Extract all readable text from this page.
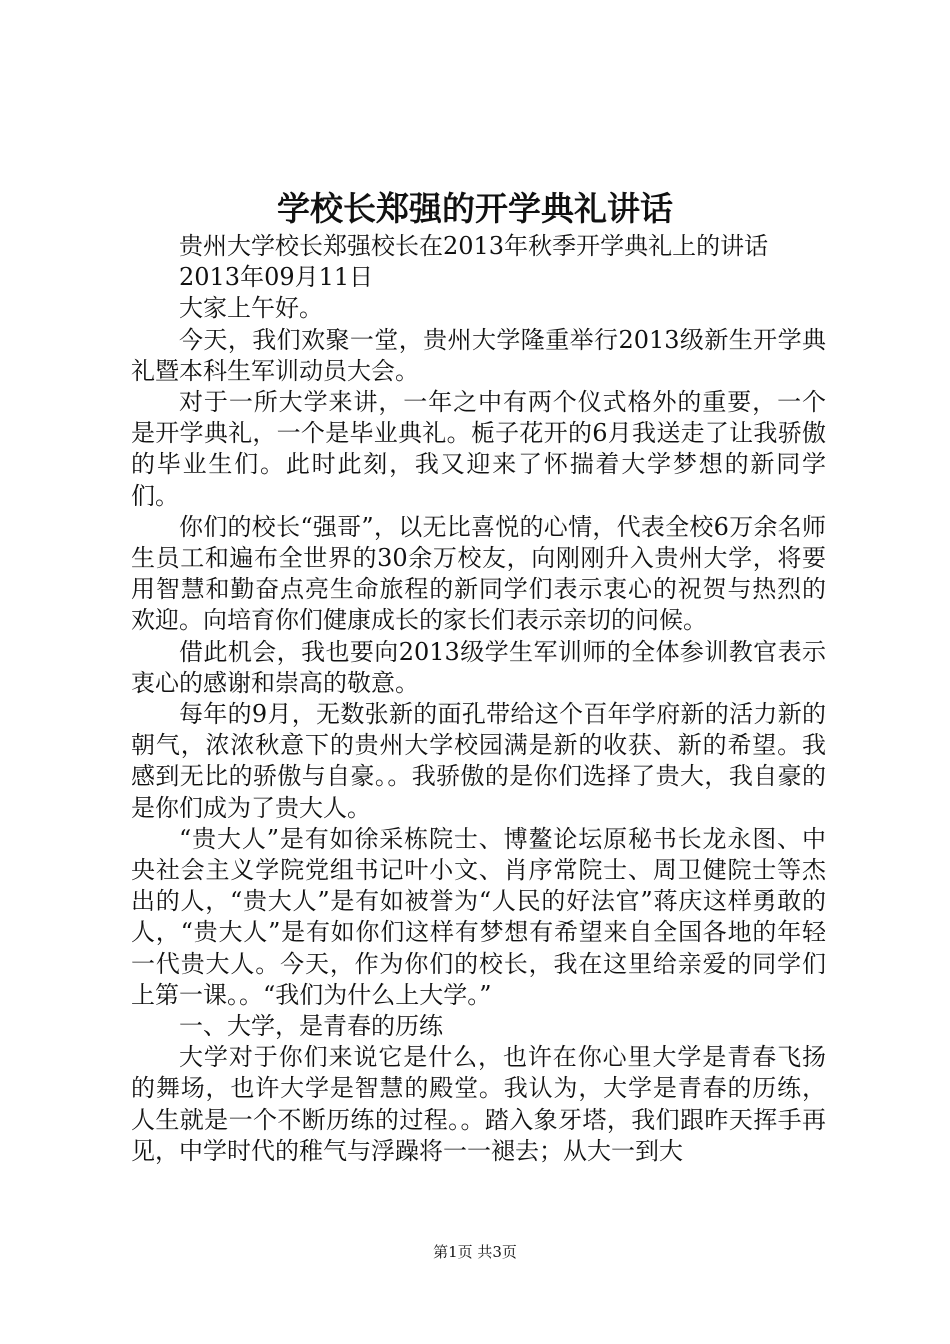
学校长郑强的开学典礼讲话

贵州大学校长郑强校长在2013年秋季开学典礼上的讲话

2013年09月11日

大家上午好。

今天，我们欢聚一堂，贵州大学隆重举行2013级新生开学典礼暨本科生军训动员大会。

对于一所大学来讲，一年之中有两个仪式格外的重要，一个是开学典礼，一个是毕业典礼。栀子花开的6月我送走了让我骄傲的毕业生们。此时此刻，我又迎来了怀揣着大学梦想的新同学们。

你们的校长“强哥”，以无比喜悦的心情，代表全校6万余名师生员工和遍布全世界的30余万校友，向刚刚升入贵州大学，将要用智慧和勤奋点亮生命旅程的新同学们表示衷心的祝贺与热烈的欢迎。向培育你们健康成长的家长们表示亲切的问候。

借此机会，我也要向2013级学生军训师的全体参训教官表示衷心的感谢和崇高的敬意。

每年的9月，无数张新的面孔带给这个百年学府新的活力新的朝气，浓浓秋意下的贵州大学校园满是新的收获、新的希望。我感到无比的骄傲与自豪。。我骄傲的是你们选择了贵大，我自豪的是你们成为了贵大人。

“贵大人”是有如徐采栋院士、博鳌论坛原秘书长龙永图、中央社会主义学院党组书记叶小文、肖序常院士、周卫健院士等杰出的人，“贵大人”是有如被誉为“人民的好法官”蒋庆这样勇敢的人，“贵大人”是有如你们这样有梦想有希望来自全国各地的年轻一代贵大人。今天，作为你们的校长，我在这里给亲爱的同学们上第一课。。“我们为什么上大学。”

一、大学，是青春的历练

大学对于你们来说它是什么，也许在你心里大学是青春飞扬的舞场，也许大学是智慧的殿堂。我认为，大学是青春的历练，人生就是一个不断历练的过程。。踏入象牙塔，我们跟昨天挥手再见，中学时代的稚气与浮躁将一一褪去；从大一到大

第1页 共3页
